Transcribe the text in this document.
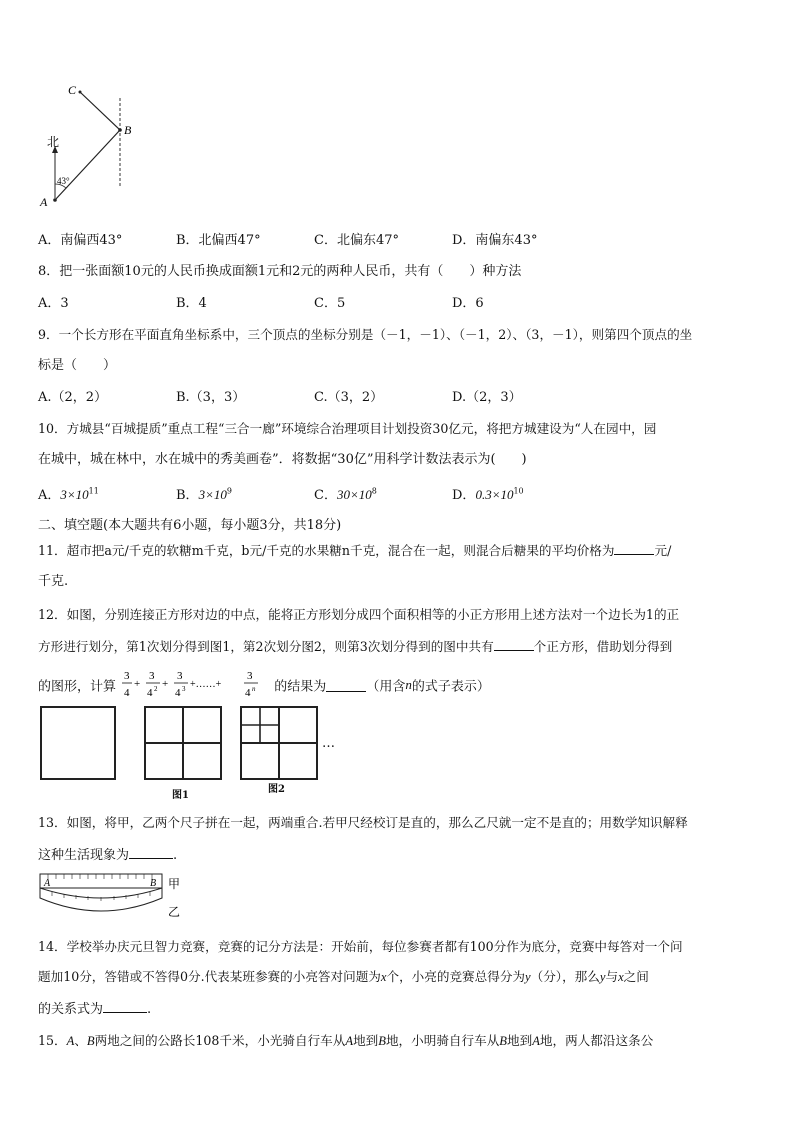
C
B
A
北
43°
A．南偏西43°	B．北偏西47°	C．北偏东47°	D．南偏东43°
8．把一张面额10元的人民币换成面额1元和2元的两种人民币，共有（　　）种方法
A．3	B．4	C．5	D．6
9．一个长方形在平面直角坐标系中，三个顶点的坐标分别是（－1，－1）、（－1，2）、（3，－1），则第四个顶点的坐
标是（　　）
A.（2，2）	B.（3，3）	C.（3，2）	D.（2，3）
10．方城县“百城提质”重点工程“三合一廊”环境综合治理项目计划投资30亿元，将把方城建设为“人在园中，园
在城中，城在林中，水在城中的秀美画卷”．将数据“30亿”用科学计数法表示为(　　)
A．$3\times 10^{11}$	B．$3\times 10^9$	C．$30\times 10^8$	D．$0.3\times 10^{10}$
二、填空题(本大题共有6小题，每小题3分，共18分)
11．超市把a元/千克的软糖m千克，b元/千克的水果糖n千克，混合在一起，则混合后糖果的平均价格为	元/
千克.
12．如图，分别连接正方形对边的中点，能将正方形划分成四个面积相等的小正方形用上述方法对一个边长为1的正
方形进行划分，第1次划分得到图1，第2次划分图2，则第3次划分得到的图中共有	个正方形，借助划分得到
的图形，计算
3
4
+
3
4 2 +
3
4 3 +……+
3
4 n 的结果为	（用含n的式子表示）
…
图1
图2
13．如图，将甲，乙两个尺子拼在一起，两端重合.若甲尺经校订是直的，那么乙尺就一定不是直的；用数学知识解释
这种生活现象为	.
A	B 甲
乙
14．学校举办庆元旦智力竞赛，竞赛的记分方法是：开始前，每位参赛者都有100分作为底分，竞赛中每答对一个问
题加10分，答错或不答得0分.代表某班参赛的小亮答对问题为x个，小亮的竞赛总得分为y（分），那么y与x之间
的关系式为	.
15．A、B两地之间的公路长108千米，小光骑自行车从A地到B地，小明骑自行车从B地到A地，两人都沿这条公
